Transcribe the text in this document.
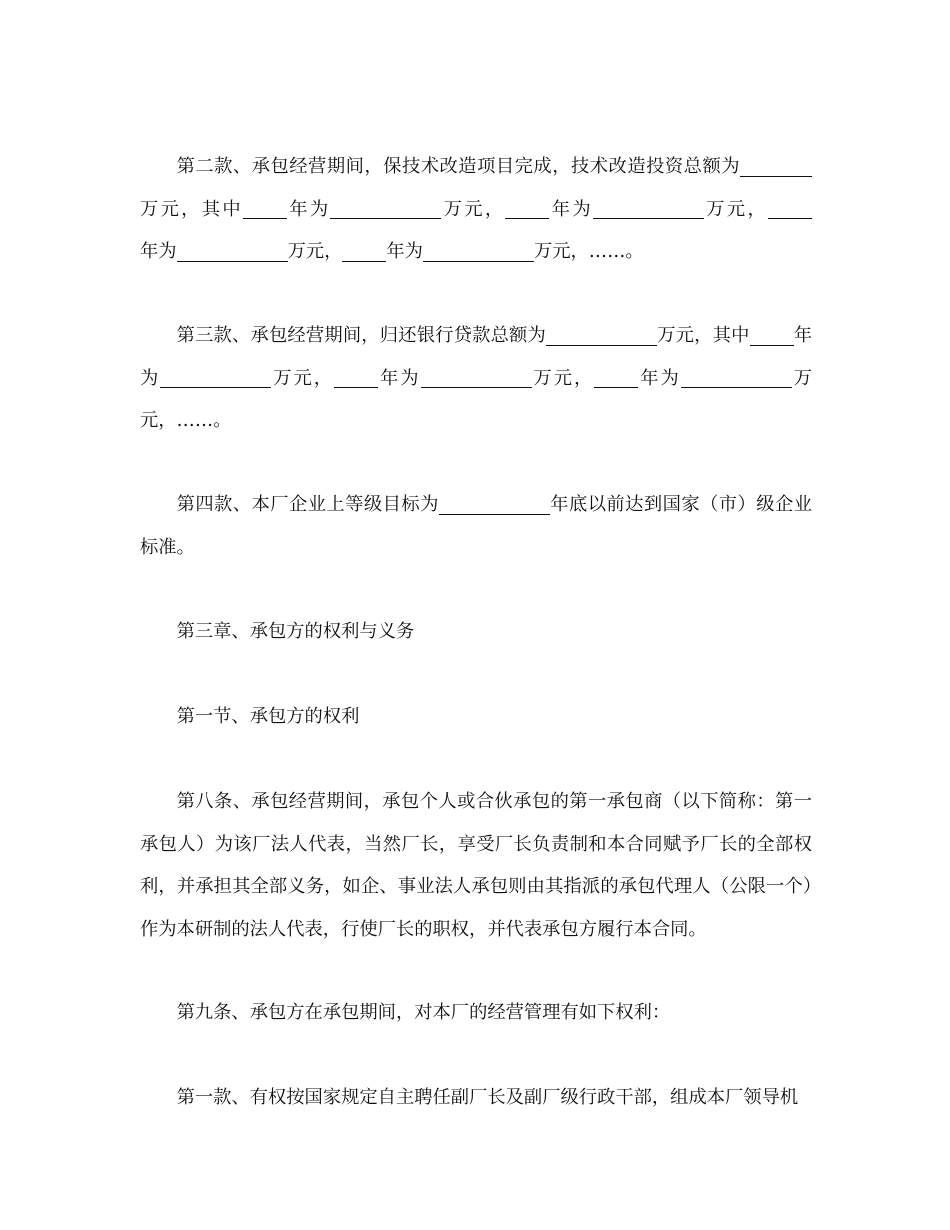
第二款、承包经营期间，保技术改造项目完成，技术改造投资总额为万元，其中 年为	万元， 年为	万元，年为	万元， 年为	万元，……。

第三款、承包经营期间，归还银行贷款总额为	万元，其中 年为	万元， 年为	万元， 年为	万元，……。

第四款、本厂企业上等级目标为	年底以前达到国家（市）级企业标准。

第三章、承包方的权利与义务

第一节、承包方的权利

第八条、承包经营期间，承包个人或合伙承包的第一承包商（以下简称：第一承包人）为该厂法人代表，当然厂长，享受厂长负责制和本合同赋予厂长的全部权利，并承担其全部义务，如企、事业法人承包则由其指派的承包代理人（公限一个）作为本研制的法人代表，行使厂长的职权，并代表承包方履行本合同。

第九条、承包方在承包期间，对本厂的经营管理有如下权利：

第一款、有权按国家规定自主聘任副厂长及副厂级行政干部，组成本厂领导机
